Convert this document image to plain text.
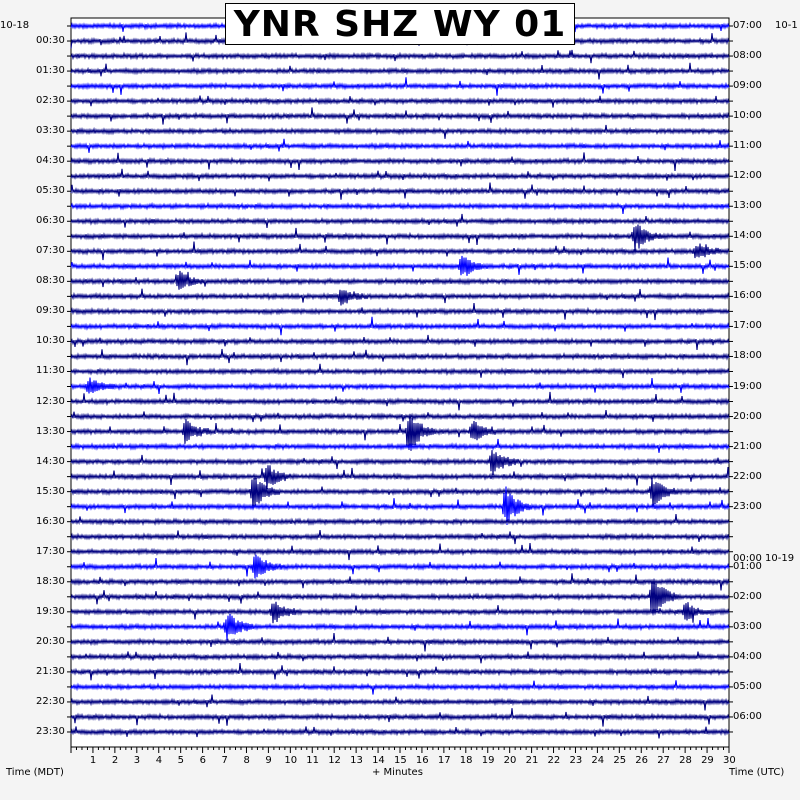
YNR SHZ WY 01
10-18	10-1
00:30
01:30
02:30
03:30
04:30
05:30
06:30
07:30
08:30
09:30
10:30
11:30
12:30
13:30
14:30
15:30
16:30
17:30
18:30
19:30
20:30
21:30
22:30
23:30
07:00
08:00
09:00
10:00
11:00
12:00
13:00
14:00
15:00
16:00
17:00
18:00
19:00
20:00
21:00
22:00
23:00
01:00
02:00
03:00
04:00
05:00
06:00
1 2 3 4 5 6 7 8 9 10 11 12 13 14 15 16 17 18 19 20 21 22 23 24 25 26 27 28 29 30
Time (MDT)	+ Minutes	Time (UTC)
00:00 10-19
